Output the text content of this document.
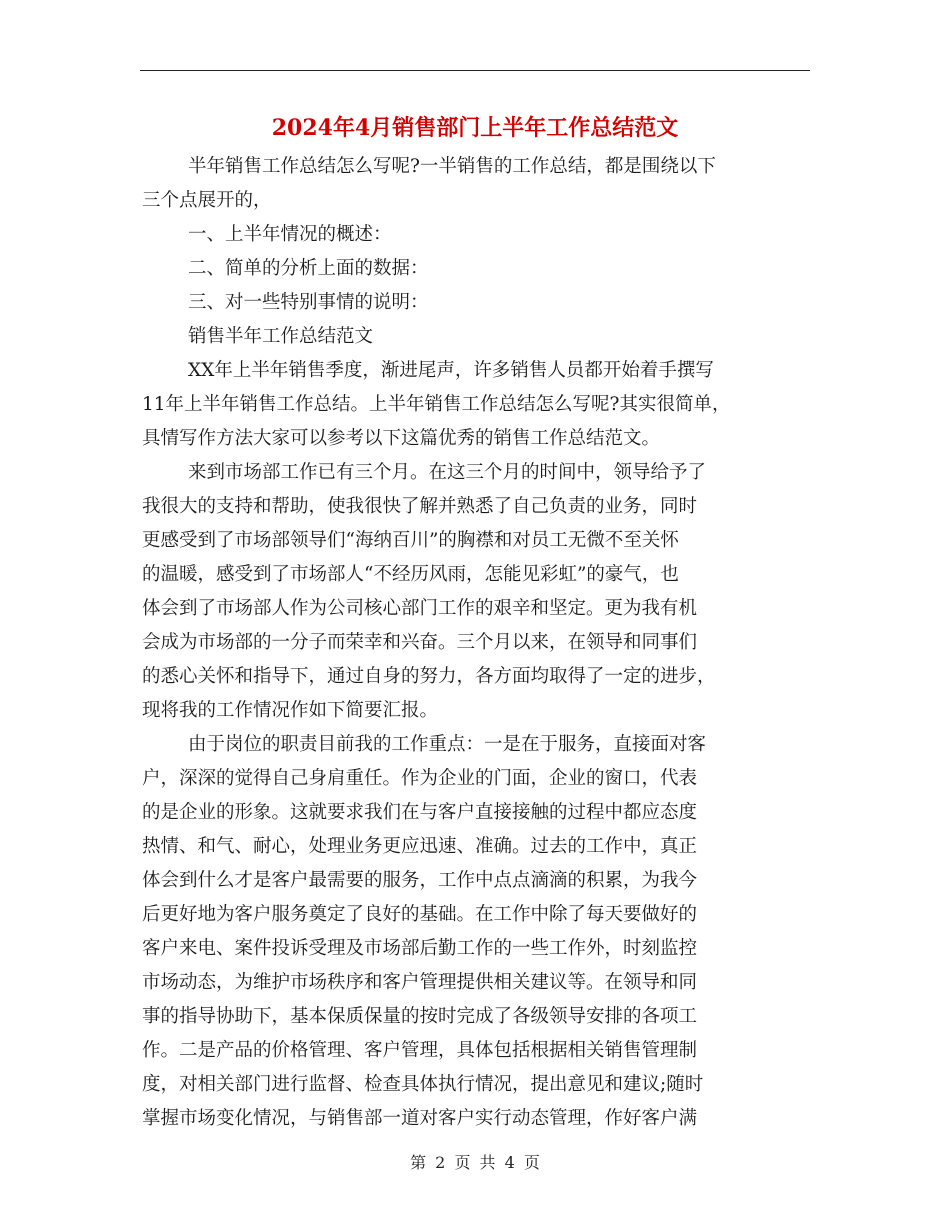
2024年4月销售部门上半年工作总结范文
半年销售工作总结怎么写呢?一半销售的工作总结，都是围绕以下
三个点展开的，
一、上半年情况的概述：
二、简单的分析上面的数据：
三、对一些特别事情的说明：
销售半年工作总结范文
XX年上半年销售季度，渐进尾声，许多销售人员都开始着手撰写
11年上半年销售工作总结。上半年销售工作总结怎么写呢?其实很简单，
具情写作方法大家可以参考以下这篇优秀的销售工作总结范文。
来到市场部工作已有三个月。在这三个月的时间中，领导给予了
我很大的支持和帮助，使我很快了解并熟悉了自己负责的业务，同时
更感受到了市场部领导们“海纳百川”的胸襟和对员工无微不至关怀
的温暖，感受到了市场部人“不经历风雨，怎能见彩虹”的豪气，也
体会到了市场部人作为公司核心部门工作的艰辛和坚定。更为我有机
会成为市场部的一分子而荣幸和兴奋。三个月以来，在领导和同事们
的悉心关怀和指导下，通过自身的努力，各方面均取得了一定的进步，
现将我的工作情况作如下简要汇报。
由于岗位的职责目前我的工作重点：一是在于服务，直接面对客
户，深深的觉得自己身肩重任。作为企业的门面，企业的窗口，代表
的是企业的形象。这就要求我们在与客户直接接触的过程中都应态度
热情、和气、耐心，处理业务更应迅速、准确。过去的工作中，真正
体会到什么才是客户最需要的服务，工作中点点滴滴的积累，为我今
后更好地为客户服务奠定了良好的基础。在工作中除了每天要做好的
客户来电、案件投诉受理及市场部后勤工作的一些工作外，时刻监控
市场动态，为维护市场秩序和客户管理提供相关建议等。在领导和同
事的指导协助下，基本保质保量的按时完成了各级领导安排的各项工
作。二是产品的价格管理、客户管理，具体包括根据相关销售管理制
度，对相关部门进行监督、检查具体执行情况，提出意见和建议;随时
掌握市场变化情况，与销售部一道对客户实行动态管理，作好客户满
第 2 页 共 4 页
